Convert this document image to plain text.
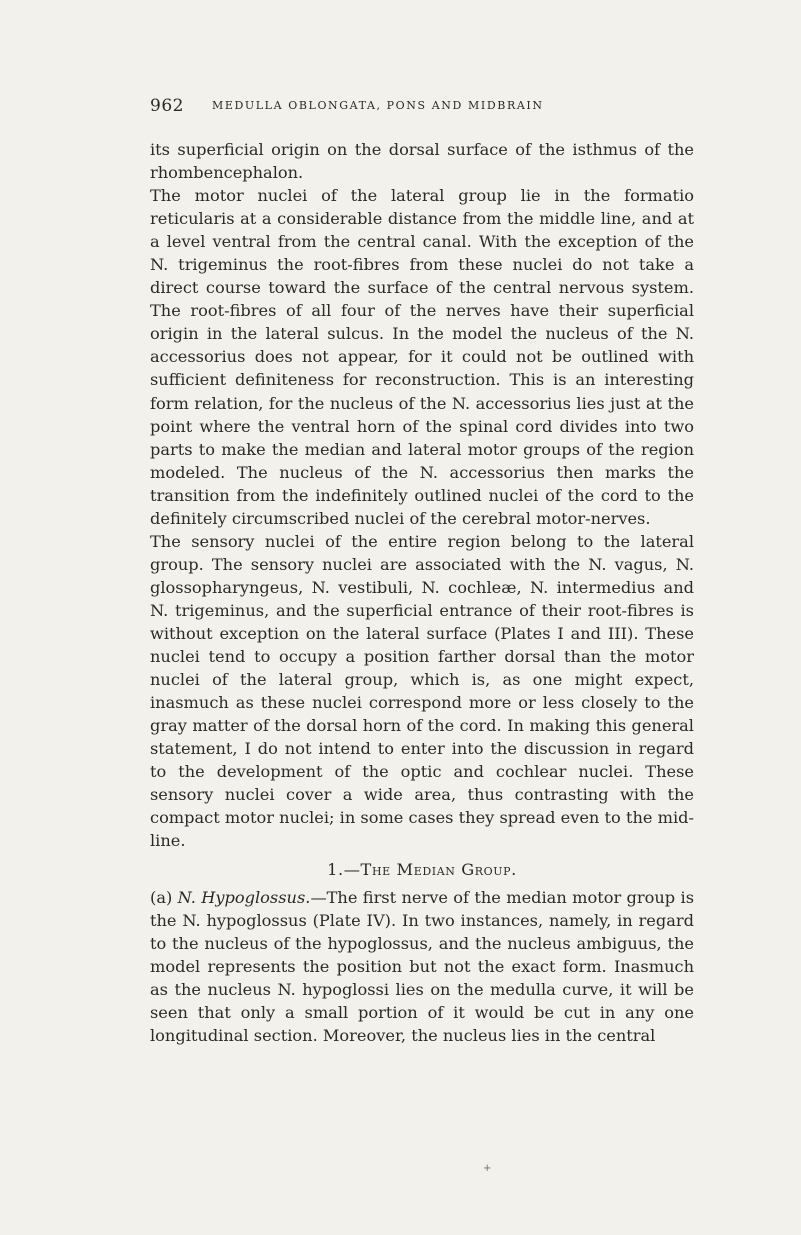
962	MEDULLA OBLONGATA, PONS AND MIDBRAIN

its superficial origin on the dorsal surface of the isthmus of the rhombencephalon.

The motor nuclei of the lateral group lie in the formatio reticularis at a considerable distance from the middle line, and at a level ventral from the central canal. With the exception of the N. trigeminus the root-fibres from these nuclei do not take a direct course toward the surface of the central nervous system. The root-fibres of all four of the nerves have their superficial origin in the lateral sulcus. In the model the nucleus of the N. accessorius does not appear, for it could not be outlined with sufficient definiteness for reconstruction. This is an interesting form relation, for the nucleus of the N. accessorius lies just at the point where the ventral horn of the spinal cord divides into two parts to make the median and lateral motor groups of the region modeled. The nucleus of the N. accessorius then marks the transition from the indefinitely outlined nuclei of the cord to the definitely circumscribed nuclei of the cerebral motor-nerves.

The sensory nuclei of the entire region belong to the lateral group. The sensory nuclei are associated with the N. vagus, N. glossopharyngeus, N. vestibuli, N. cochleæ, N. intermedius and N. trigeminus, and the superficial entrance of their root-fibres is without exception on the lateral surface (Plates I and III). These nuclei tend to occupy a position farther dorsal than the motor nuclei of the lateral group, which is, as one might expect, inasmuch as these nuclei correspond more or less closely to the gray matter of the dorsal horn of the cord. In making this general statement, I do not intend to enter into the discussion in regard to the development of the optic and cochlear nuclei. These sensory nuclei cover a wide area, thus contrasting with the compact motor nuclei; in some cases they spread even to the mid-line.

1.—The Median Group.

(a) N. Hypoglossus.—The first nerve of the median motor group is the N. hypoglossus (Plate IV). In two instances, namely, in regard to the nucleus of the hypoglossus, and the nucleus ambiguus, the model represents the position but not the exact form. Inasmuch as the nucleus N. hypoglossi lies on the medulla curve, it will be seen that only a small portion of it would be cut in any one longitudinal section. Moreover, the nucleus lies in the central

+
